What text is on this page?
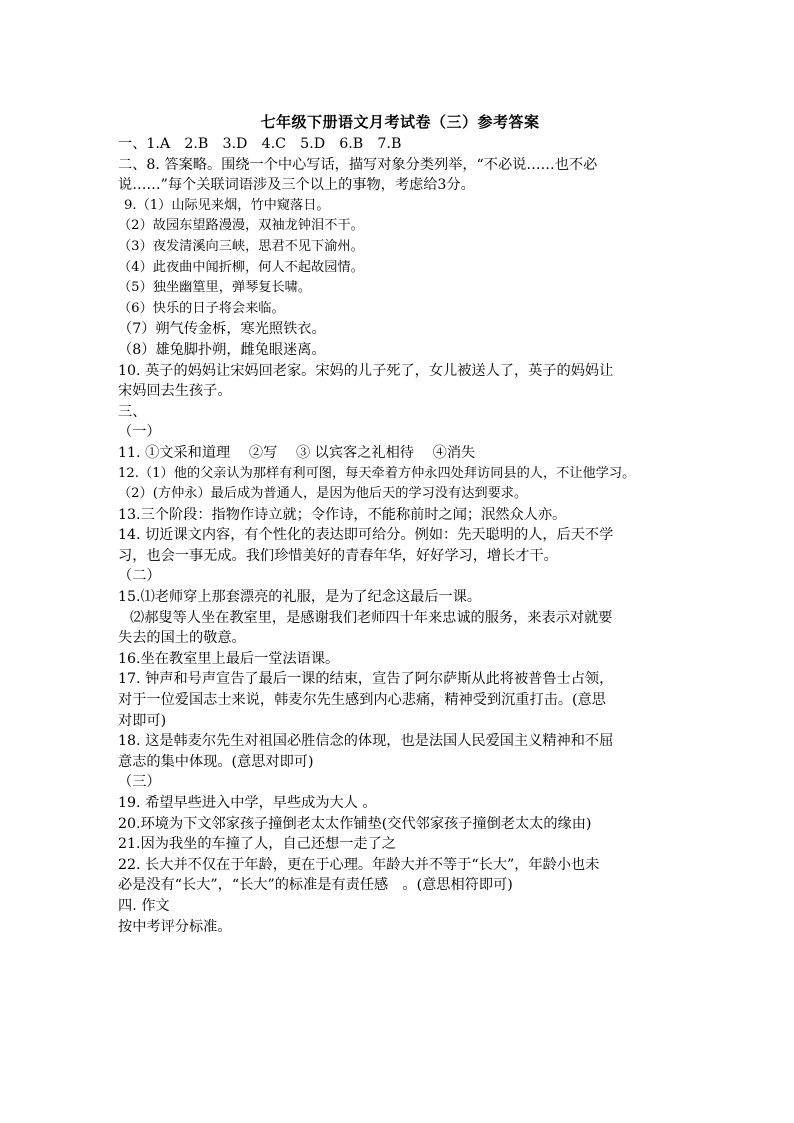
七年级下册语文月考试卷（三）参考答案
一、1.A　2.B　3.D　4.C　5.D　6.B　7.B
二、8. 答案略。围绕一个中心写话，描写对象分类列举，“不必说……也不必
说……”每个关联词语涉及三个以上的事物，考虑给3分。
9.（1）山际见来烟，竹中窥落日。
（2）故园东望路漫漫，双袖龙钟泪不干。
（3）夜发清溪向三峡，思君不见下渝州。
（4）此夜曲中闻折柳，何人不起故园情。
（5）独坐幽篁里，弹琴复长啸。
（6）快乐的日子将会来临。
（7）朔气传金柝，寒光照铁衣。
（8）雄兔脚扑朔，雌兔眼迷离。
10. 英子的妈妈让宋妈回老家。宋妈的儿子死了，女儿被送人了，英子的妈妈让
宋妈回去生孩子。
三、
（一）
11. ①文采和道理　 ②写　 ③ 以宾客之礼相待　 ④消失
12.（1）他的父亲认为那样有利可图，每天牵着方仲永四处拜访同县的人，不让他学习。
（2）(方仲永）最后成为普通人，是因为他后天的学习没有达到要求。
13.三个阶段：指物作诗立就；令作诗，不能称前时之闻；泯然众人亦。
14. 切近课文内容，有个性化的表达即可给分。例如：先天聪明的人，后天不学
习，也会一事无成。我们珍惜美好的青春年华，好好学习，增长才干。
（二）
15.⑴老师穿上那套漂亮的礼服，是为了纪念这最后一课。
⑵郝叟等人坐在教室里，是感谢我们老师四十年来忠诚的服务，来表示对就要
失去的国土的敬意。
16.坐在教室里上最后一堂法语课。
17. 钟声和号声宣告了最后一课的结束，宣告了阿尔萨斯从此将被普鲁士占领，
对于一位爱国志士来说，韩麦尔先生感到内心悲痛，精神受到沉重打击。(意思
对即可)
18. 这是韩麦尔先生对祖国必胜信念的体现，也是法国人民爱国主义精神和不屈
意志的集中体现。(意思对即可)
（三）
19. 希望早些进入中学，早些成为大人 。
20.环境为下文邻家孩子撞倒老太太作铺垫(交代邻家孩子撞倒老太太的缘由)
21.因为我坐的车撞了人，自己还想一走了之
22. 长大并不仅在于年龄，更在于心理。年龄大并不等于“长大”，年龄小也未
必是没有“长大”，“长大”的标准是有责任感　。(意思相符即可)
四. 作文
按中考评分标准。
